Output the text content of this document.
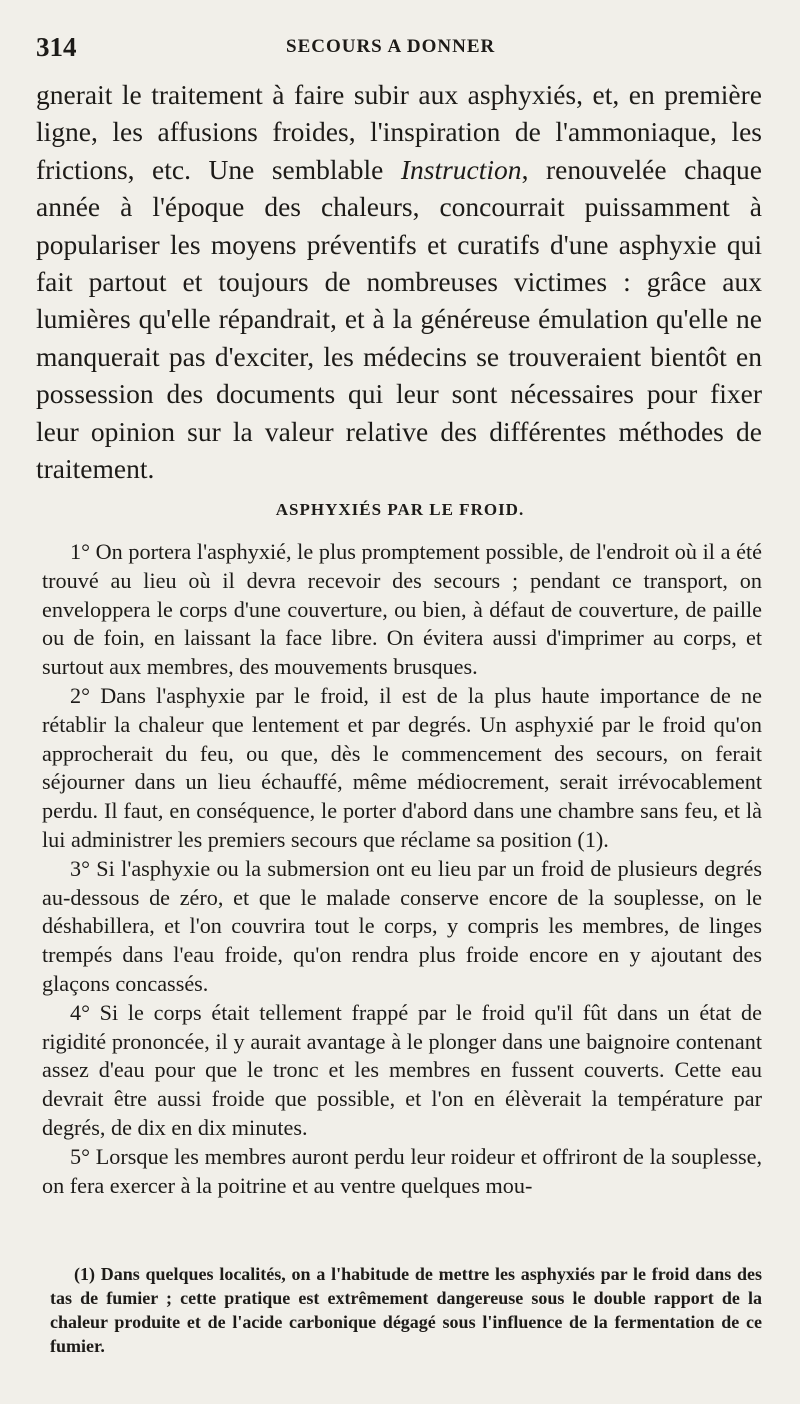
314	SECOURS A DONNER

gnerait le traitement à faire subir aux asphyxiés, et, en première ligne, les affusions froides, l'inspiration de l'ammoniaque, les frictions, etc. Une semblable Instruction, renouvelée chaque année à l'époque des chaleurs, concourrait puissamment à populariser les moyens préventifs et curatifs d'une asphyxie qui fait partout et toujours de nombreuses victimes : grâce aux lumières qu'elle répandrait, et à la généreuse émulation qu'elle ne manquerait pas d'exciter, les médecins se trouveraient bientôt en possession des documents qui leur sont nécessaires pour fixer leur opinion sur la valeur relative des différentes méthodes de traitement.

ASPHYXIÉS PAR LE FROID.

1° On portera l'asphyxié, le plus promptement possible, de l'endroit où il a été trouvé au lieu où il devra recevoir des secours ; pendant ce transport, on enveloppera le corps d'une couverture, ou bien, à défaut de couverture, de paille ou de foin, en laissant la face libre. On évitera aussi d'imprimer au corps, et surtout aux membres, des mouvements brusques.

2° Dans l'asphyxie par le froid, il est de la plus haute importance de ne rétablir la chaleur que lentement et par degrés. Un asphyxié par le froid qu'on approcherait du feu, ou que, dès le commencement des secours, on ferait séjourner dans un lieu échauffé, même médiocrement, serait irrévocablement perdu. Il faut, en conséquence, le porter d'abord dans une chambre sans feu, et là lui administrer les premiers secours que réclame sa position (1).

3° Si l'asphyxie ou la submersion ont eu lieu par un froid de plusieurs degrés au-dessous de zéro, et que le malade conserve encore de la souplesse, on le déshabillera, et l'on couvrira tout le corps, y compris les membres, de linges trempés dans l'eau froide, qu'on rendra plus froide encore en y ajoutant des glaçons concassés.

4° Si le corps était tellement frappé par le froid qu'il fût dans un état de rigidité prononcée, il y aurait avantage à le plonger dans une baignoire contenant assez d'eau pour que le tronc et les membres en fussent couverts. Cette eau devrait être aussi froide que possible, et l'on en élèverait la température par degrés, de dix en dix minutes.

5° Lorsque les membres auront perdu leur roideur et offriront de la souplesse, on fera exercer à la poitrine et au ventre quelques mou-

(1) Dans quelques localités, on a l'habitude de mettre les asphyxiés par le froid dans des tas de fumier ; cette pratique est extrêmement dangereuse sous le double rapport de la chaleur produite et de l'acide carbonique dégagé sous l'influence de la fermentation de ce fumier.
